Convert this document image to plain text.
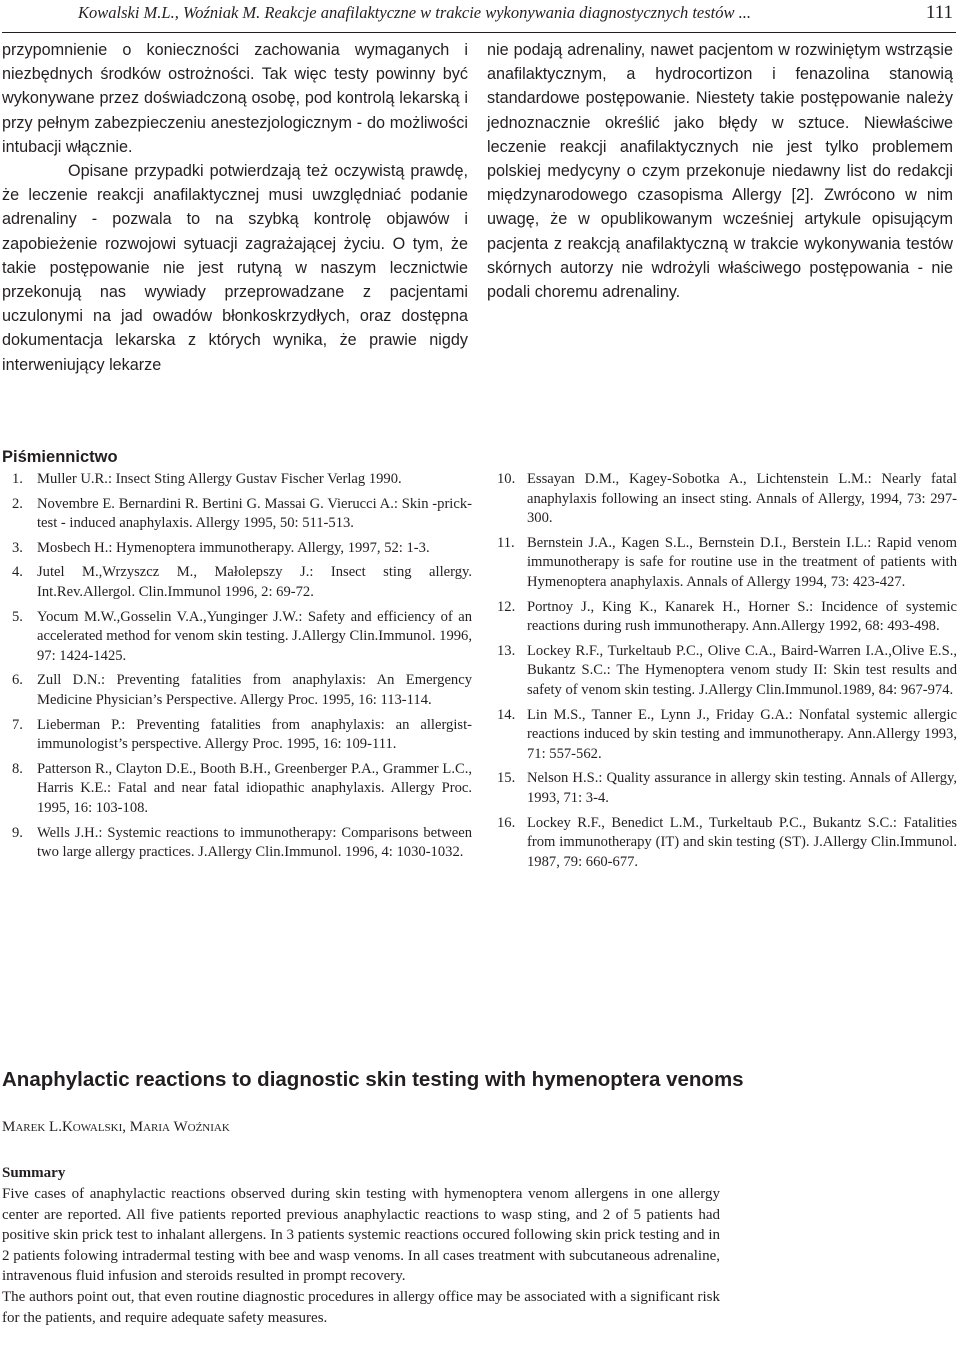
Kowalski M.L., Woźniak M. Reakcje anafilaktyczne w trakcie wykonywania diagnostycznych testów ...	111

przypomnienie o konieczności zachowania wymaganych i niezbędnych środków ostrożności. Tak więc testy powinny być wykonywane przez doświadczoną osobę, pod kontrolą lekarską i przy pełnym zabezpieczeniu anestezjologicznym - do możliwości intubacji włącznie.

Opisane przypadki potwierdzają też oczywistą prawdę, że leczenie reakcji anafilaktycznej musi uwzględniać podanie adrenaliny - pozwala to na szybką kontrolę objawów i zapobieżenie rozwojowi sytuacji zagrażającej życiu. O tym, że takie postępowanie nie jest rutyną w naszym lecznictwie przekonują nas wywiady przeprowadzane z pacjentami uczulonymi na jad owadów błonkoskrzydłych, oraz dostępna dokumentacja lekarska z których wynika, że prawie nigdy interweniujący lekarze

nie podają adrenaliny, nawet pacjentom w rozwiniętym wstrząsie anafilaktycznym, a hydrocortizon i fenazolina stanowią standardowe postępowanie. Niestety takie postępowanie należy jednoznacznie określić jako błędy w sztuce. Niewłaściwe leczenie reakcji anafilaktycznych nie jest tylko problemem polskiej medycyny o czym przekonuje niedawny list do redakcji międzynarodowego czasopisma Allergy [2]. Zwrócono w nim uwagę, że w opublikowanym wcześniej artykule opisującym pacjenta z reakcją anafilaktyczną w trakcie wykonywania testów skórnych autorzy nie wdrożyli właściwego postępowania - nie podali choremu adrenaliny.

Piśmiennictwo
1. Muller U.R.: Insect Sting Allergy Gustav Fischer Verlag 1990.
2. Novembre E. Bernardini R. Bertini G. Massai G. Vierucci A.: Skin -prick-test - induced anaphylaxis. Allergy 1995, 50: 511-513.
3. Mosbech H.: Hymenoptera immunotherapy. Allergy, 1997, 52: 1-3.
4. Jutel M.,Wrzyszcz M., Małolepszy J.: Insect sting allergy. Int.Rev.Allergol. Clin.Immunol 1996, 2: 69-72.
5. Yocum M.W.,Gosselin V.A.,Yunginger J.W.: Safety and efficiency of an accelerated method for venom skin testing. J.Allergy Clin.Immunol. 1996, 97: 1424-1425.
6. Zull D.N.: Preventing fatalities from anaphylaxis: An Emergency Medicine Physician’s Perspective. Allergy Proc. 1995, 16: 113-114.
7. Lieberman P.: Preventing fatalities from anaphylaxis: an allergist-immunologist’s perspective. Allergy Proc. 1995, 16: 109-111.
8. Patterson R., Clayton D.E., Booth B.H., Greenberger P.A., Grammer L.C., Harris K.E.: Fatal and near fatal idiopathic anaphylaxis. Allergy Proc. 1995, 16: 103-108.
9. Wells J.H.: Systemic reactions to immunotherapy: Comparisons between two large allergy practices. J.Allergy Clin.Immunol. 1996, 4: 1030-1032.
10. Essayan D.M., Kagey-Sobotka A., Lichtenstein L.M.: Nearly fatal anaphylaxis following an insect sting. Annals of Allergy, 1994, 73: 297-300.
11. Bernstein J.A., Kagen S.L., Bernstein D.I., Berstein I.L.: Rapid venom immunotherapy is safe for routine use in the treatment of patients with Hymenoptera anaphylaxis. Annals of Allergy 1994, 73: 423-427.
12. Portnoy J., King K., Kanarek H., Horner S.: Incidence of systemic reactions during rush immunotherapy. Ann.Allergy 1992, 68: 493-498.
13. Lockey R.F., Turkeltaub P.C., Olive C.A., Baird-Warren I.A.,Olive E.S., Bukantz S.C.: The Hymenoptera venom study II: Skin test results and safety of venom skin testing. J.Allergy Clin.Immunol.1989, 84: 967-974.
14. Lin M.S., Tanner E., Lynn J., Friday G.A.: Nonfatal systemic allergic reactions induced by skin testing and immunotherapy. Ann.Allergy 1993, 71: 557-562.
15. Nelson H.S.: Quality assurance in allergy skin testing. Annals of Allergy, 1993, 71: 3-4.
16. Lockey R.F., Benedict L.M., Turkeltaub P.C., Bukantz S.C.: Fatalities from immunotherapy (IT) and skin testing (ST). J.Allergy Clin.Immunol. 1987, 79: 660-677.
Anaphylactic reactions to diagnostic skin testing with hymenoptera venoms

Marek L.Kowalski, Maria Woźniak

Summary

Five cases of anaphylactic reactions observed during skin testing with hymenoptera venom allergens in one allergy center are reported. All five patients reported previous anaphylactic reactions to wasp sting, and 2 of 5 patients had positive skin prick test to inhalant allergens. In 3 patients systemic reactions occured following skin prick testing and in 2 patients folowing intradermal testing with bee and wasp venoms. In all cases treatment with subcutaneous adrenaline, intravenous fluid infusion and steroids resulted in prompt recovery.

The authors point out, that even routine diagnostic procedures in allergy office may be associated with a significant risk for the patients, and require adequate safety measures.
